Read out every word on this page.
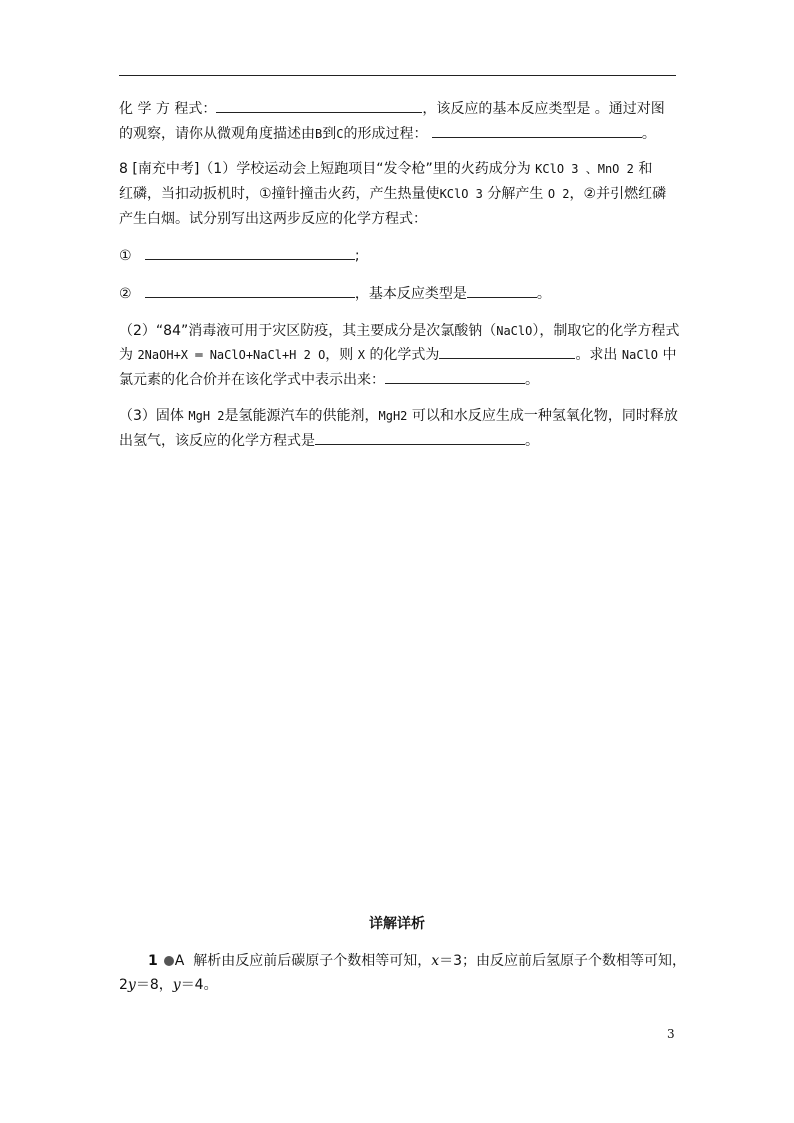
化 学 方 程式：	，该反应的基本反应类型是 。通过对图
的观察，请你从微观角度描述由B到C的形成过程：	。
8 [南充中考]（1）学校运动会上短跑项目“发令枪”里的火药成分为 KClO 3 、MnO 2 和
红磷，当扣动扳机时，①撞针撞击火药，产生热量使KClO 3 分解产生 O 2，②并引燃红磷
产生白烟。试分别写出这两步反应的化学方程式：
①	;
②	，基本反应类型是	。
（2）“84”消毒液可用于灾区防疫，其主要成分是次氯酸钠（NaClO），制取它的化学方程式
为 2NaOH+X ═ NaClO+NaCl+H 2 O，则 X 的化学式为	。求出 NaClO 中
氯元素的化合价并在该化学式中表示出来：	。
（3）固体 MgH 2是氢能源汽车的供能剂，MgH2 可以和水反应生成一种氢氧化物，同时释放
出氢气，该反应的化学方程式是	。
详解详析
1 A 解析由反应前后碳原子个数相等可知，x＝3；由反应前后氢原子个数相等可知，
2y＝8，y＝4。
3
